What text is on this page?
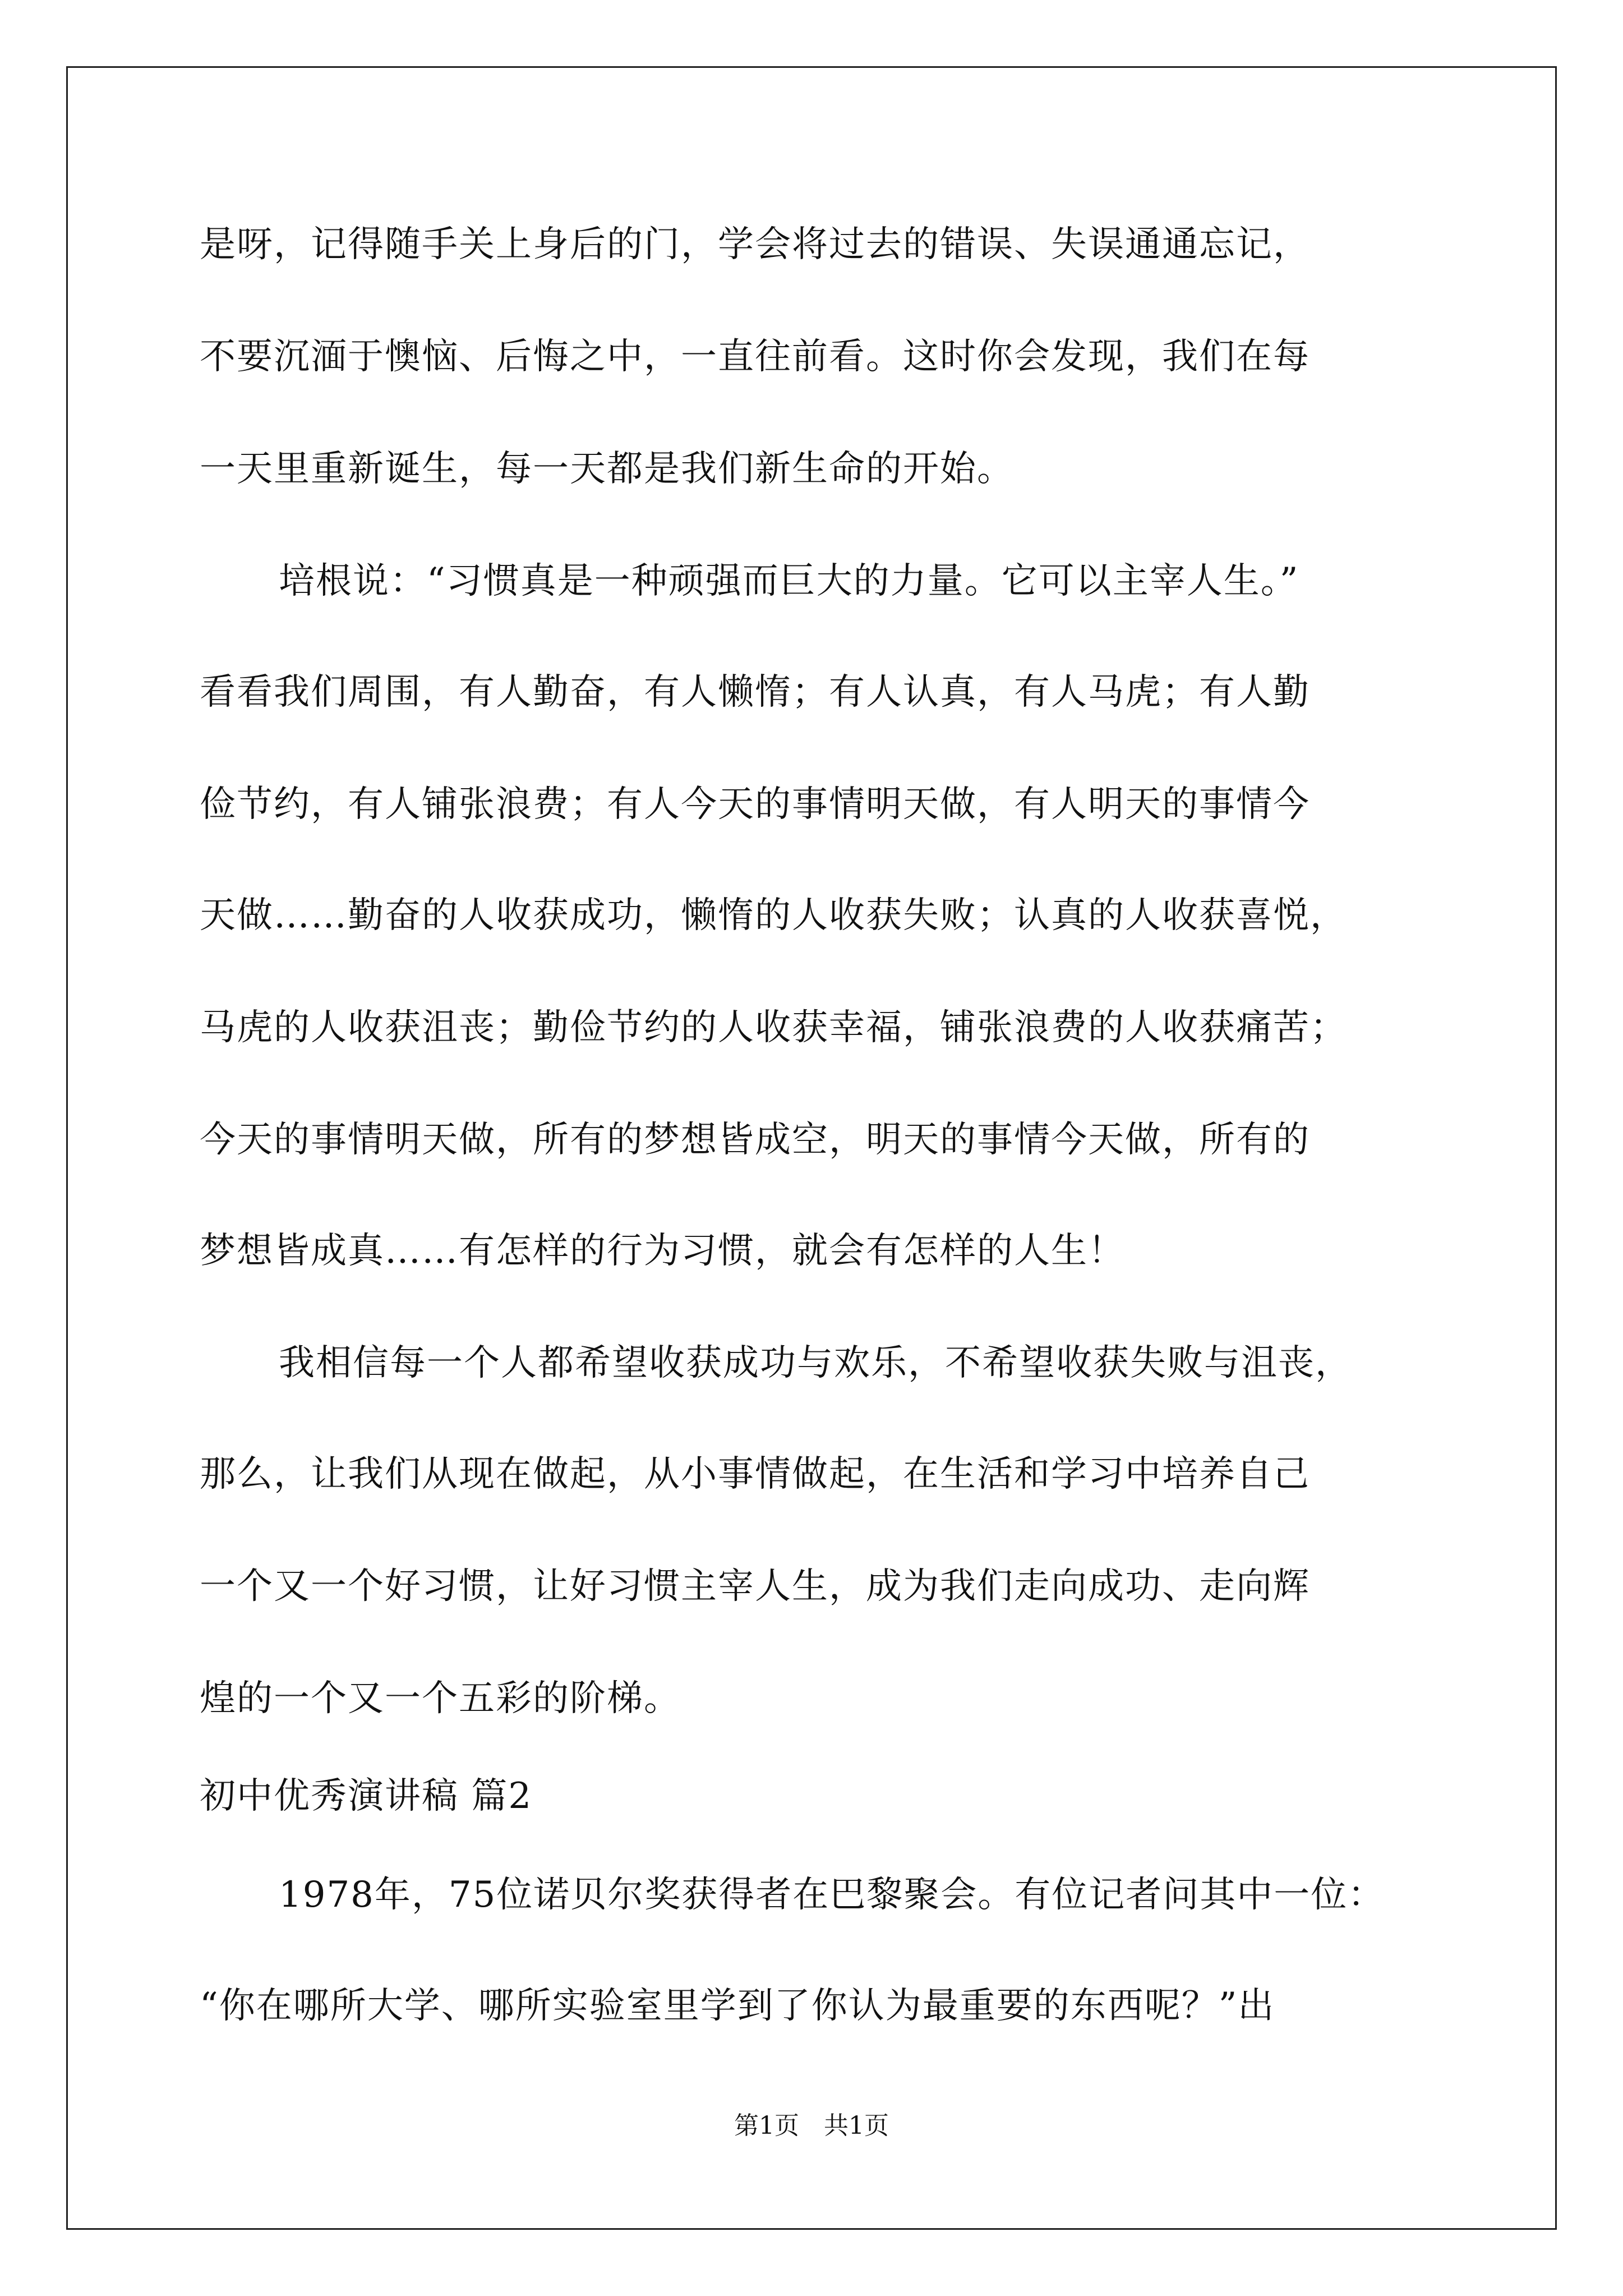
是呀，记得随手关上身后的门，学会将过去的错误、失误通通忘记，
不要沉湎于懊恼、后悔之中，一直往前看。这时你会发现，我们在每
一天里重新诞生，每一天都是我们新生命的开始。
培根说：“习惯真是一种顽强而巨大的力量。它可以主宰人生。”
看看我们周围，有人勤奋，有人懒惰；有人认真，有人马虎；有人勤
俭节约，有人铺张浪费；有人今天的事情明天做，有人明天的事情今
天做……勤奋的人收获成功，懒惰的人收获失败；认真的人收获喜悦，
马虎的人收获沮丧；勤俭节约的人收获幸福，铺张浪费的人收获痛苦；
今天的事情明天做，所有的梦想皆成空，明天的事情今天做，所有的
梦想皆成真……有怎样的行为习惯，就会有怎样的人生！
我相信每一个人都希望收获成功与欢乐，不希望收获失败与沮丧，
那么，让我们从现在做起，从小事情做起，在生活和学习中培养自己
一个又一个好习惯，让好习惯主宰人生，成为我们走向成功、走向辉
煌的一个又一个五彩的阶梯。
初中优秀演讲稿 篇2
1978年，75位诺贝尔奖获得者在巴黎聚会。有位记者问其中一位：
“你在哪所大学、哪所实验室里学到了你认为最重要的东西呢？”出
第1页　共1页
